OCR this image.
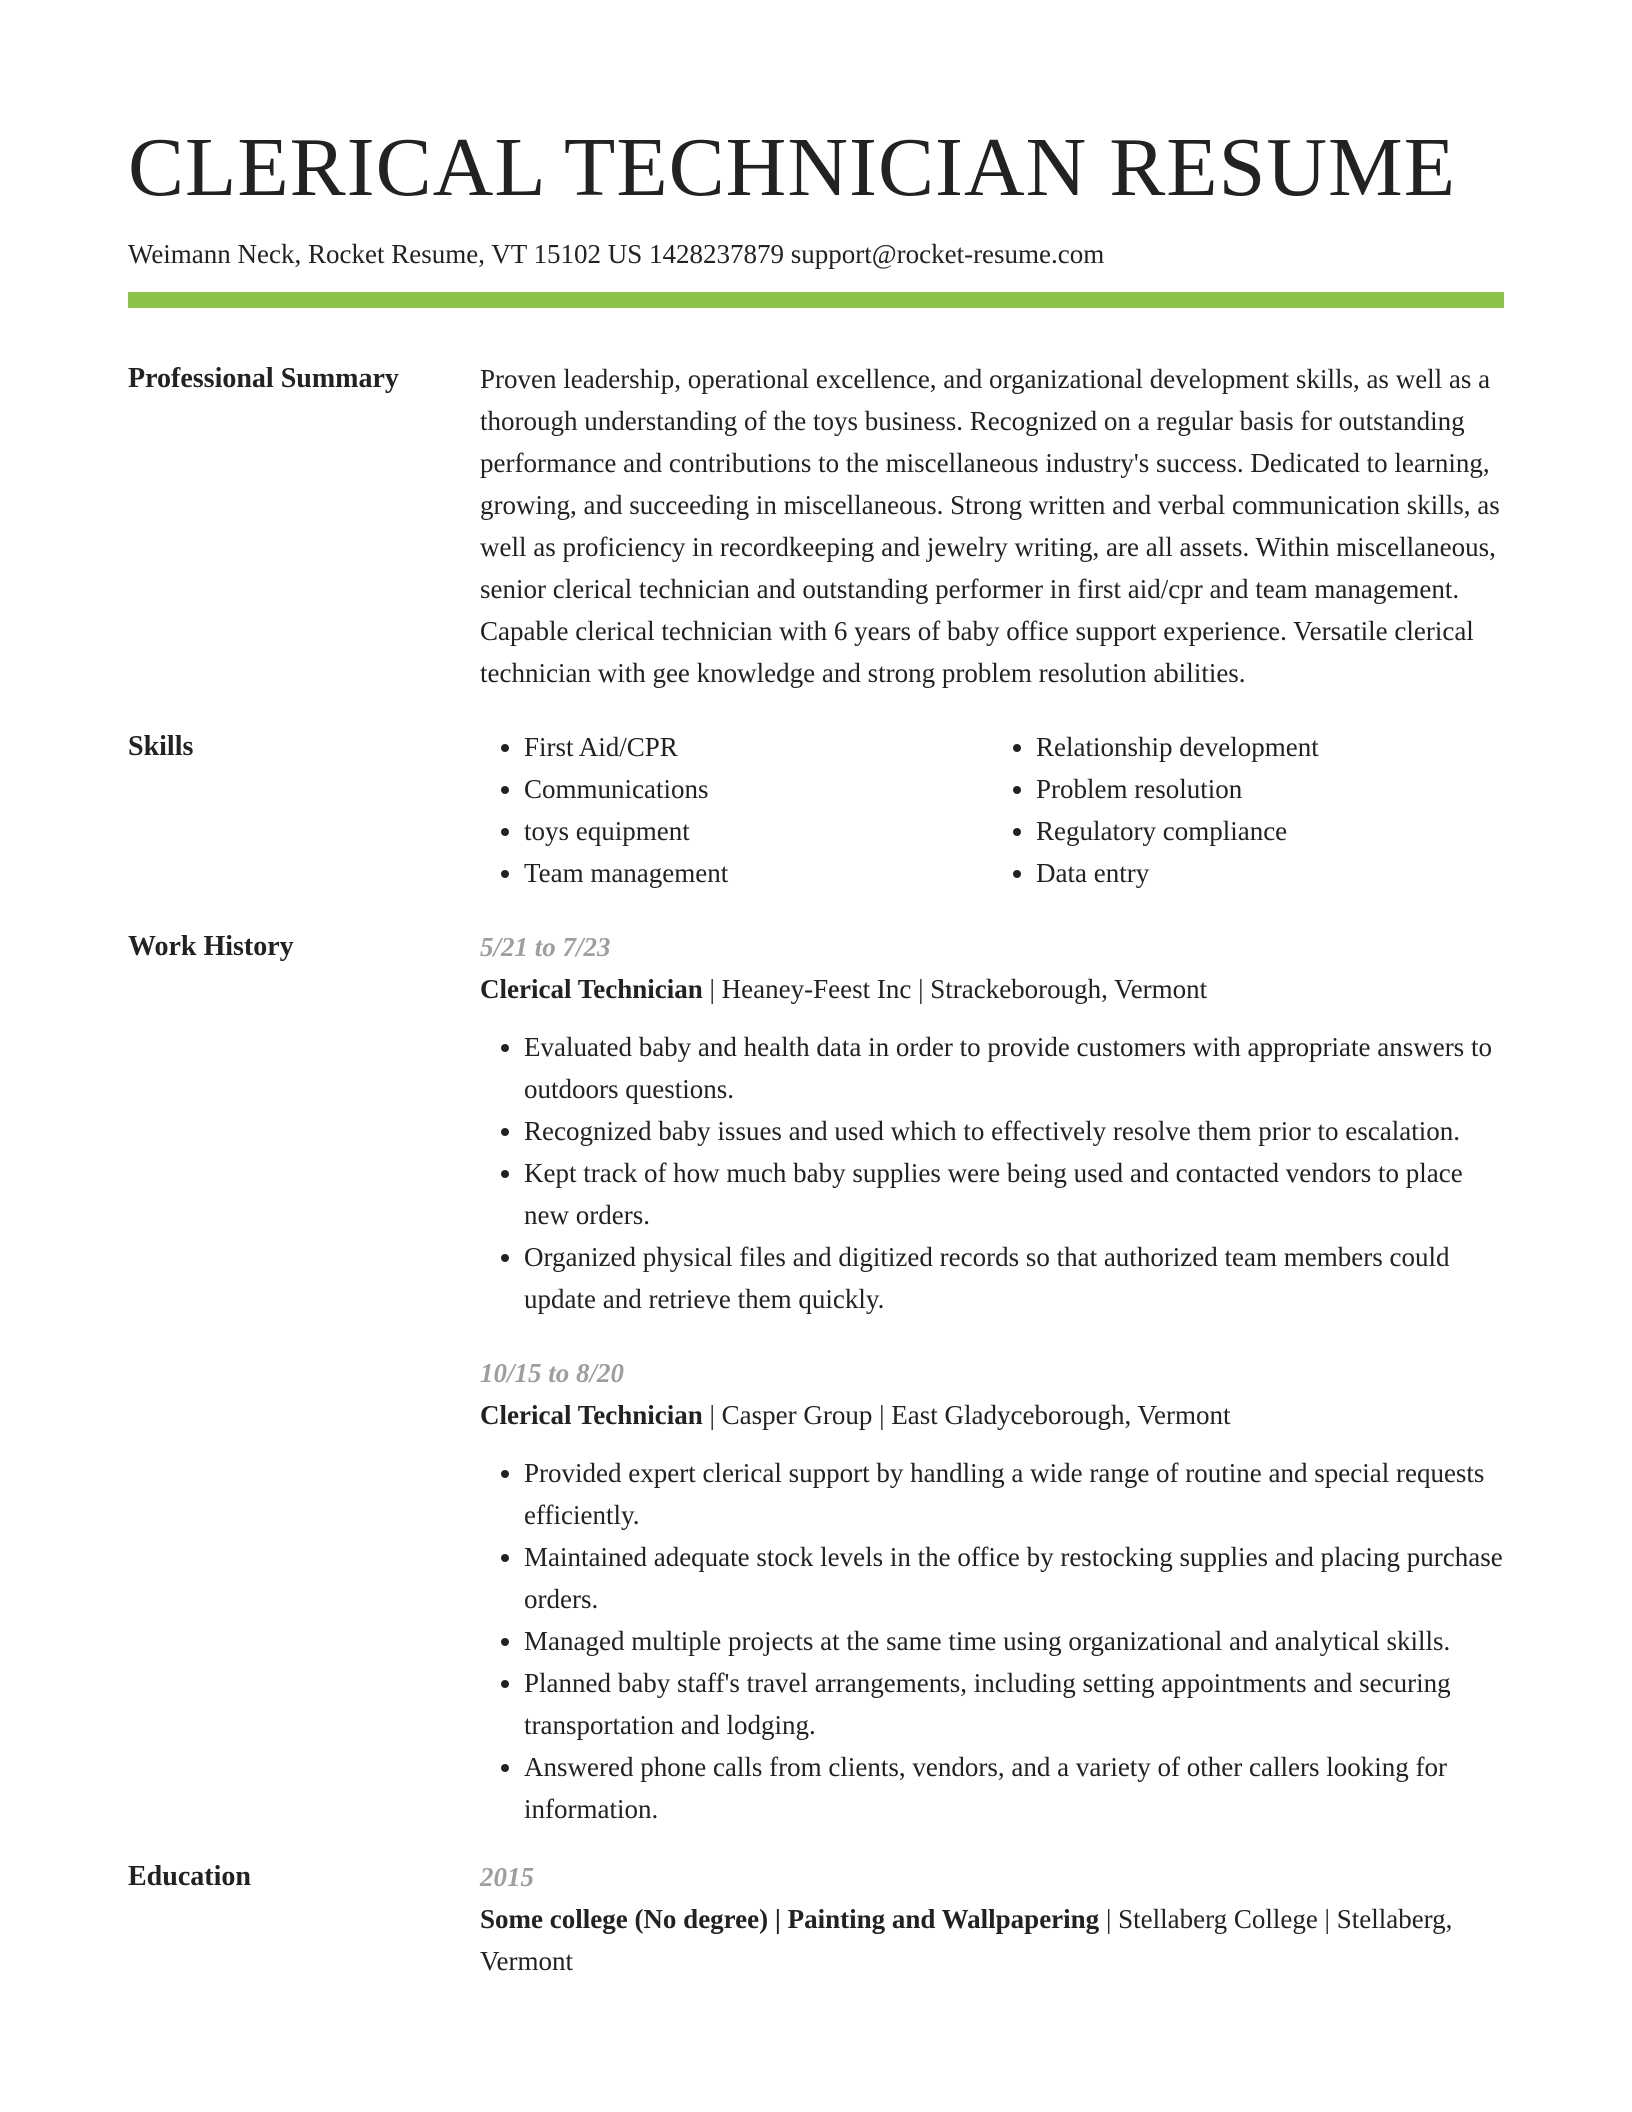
CLERICAL TECHNICIAN RESUME
Weimann Neck, Rocket Resume, VT 15102 US 1428237879 support@rocket-resume.com
Professional Summary	Proven leadership, operational excellence, and organizational development skills, as well as a thorough understanding of the toys business. Recognized on a regular basis for outstanding performance and contributions to the miscellaneous industry's success. Dedicated to learning, growing, and succeeding in miscellaneous. Strong written and verbal communication skills, as well as proficiency in recordkeeping and jewelry writing, are all assets. Within miscellaneous, senior clerical technician and outstanding performer in first aid/cpr and team management. Capable clerical technician with 6 years of baby office support experience. Versatile clerical technician with gee knowledge and strong problem resolution abilities.

Skills
•	First Aid/CPR
• Communications
• toys equipment
• Team management
• Relationship development
• Problem resolution
• Regulatory compliance
• Data entry
Work History	5/21 to 7/23
Clerical Technician | Heaney-Feest Inc | Strackeborough, Vermont
• Evaluated baby and health data in order to provide customers with appropriate answers to outdoors questions.
• Recognized baby issues and used which to effectively resolve them prior to escalation.
• Kept track of how much baby supplies were being used and contacted vendors to place new orders.
• Organized physical files and digitized records so that authorized team members could update and retrieve them quickly.
10/15 to 8/20
Clerical Technician | Casper Group | East Gladyceborough, Vermont
• Provided expert clerical support by handling a wide range of routine and special requests efficiently.
• Maintained adequate stock levels in the office by restocking supplies and placing purchase orders.
• Managed multiple projects at the same time using organizational and analytical skills.
• Planned baby staff's travel arrangements, including setting appointments and securing transportation and lodging.
• Answered phone calls from clients, vendors, and a variety of other callers looking for information.
Education	2015
Some college (No degree) | Painting and Wallpapering | Stellaberg College | Stellaberg, Vermont
